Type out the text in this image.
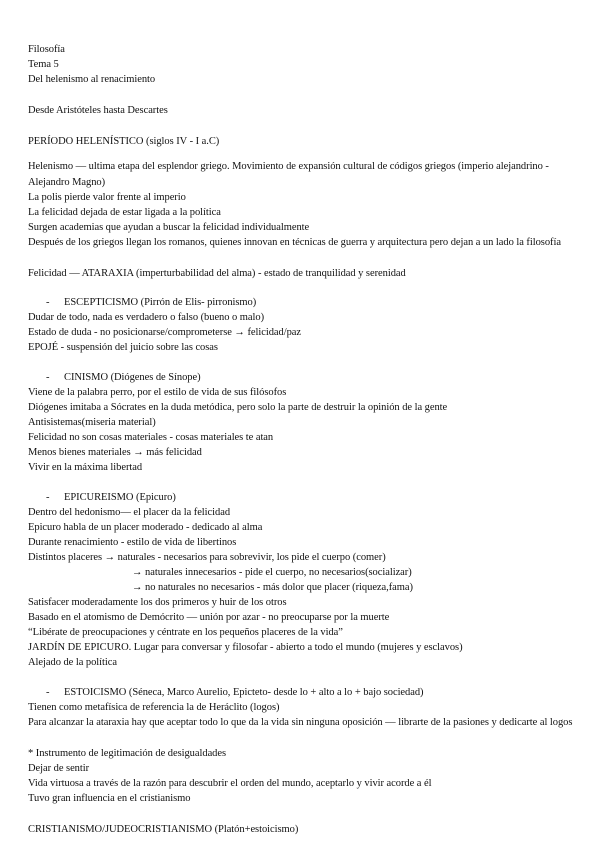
Filosofía
Tema 5
Del helenismo al renacimiento
Desde Aristóteles hasta Descartes
PERÍODO HELENÍSTICO (siglos IV - I a.C)
Helenismo — ultima etapa del esplendor griego. Movimiento de expansión cultural de códigos griegos (imperio alejandrino - Alejandro Magno)
La polis pierde valor frente al imperio
La felicidad dejada de estar ligada a la política
Surgen academias que ayudan a buscar la felicidad individualmente
Después de los griegos llegan los romanos, quienes innovan en técnicas de guerra y arquitectura pero dejan a un lado la filosofía
Felicidad — ATARAXIA (imperturbabilidad del alma) - estado de tranquilidad y serenidad
- ESCEPTICISMO (Pirrón de Elis- pirronismo)
Dudar de todo, nada es verdadero o falso (bueno o malo)
Estado de duda - no posicionarse/comprometerse → felicidad/paz
EPOJÉ - suspensión del juicio sobre las cosas
- CINISMO (Diógenes de Sínope)
Viene de la palabra perro, por el estilo de vida de sus filósofos
Diógenes imitaba a Sócrates en la duda metódica, pero solo la parte de destruir la opinión de la gente
Antisistemas(miseria material)
Felicidad no son cosas materiales - cosas materiales te atan
Menos bienes materiales → más felicidad
Vivir en la máxima libertad
- EPICUREISMO (Epicuro)
Dentro del hedonismo— el placer da la felicidad
Epicuro habla de un placer moderado - dedicado al alma
Durante renacimiento - estilo de vida de libertinos
Distintos placeres → naturales - necesarios para sobrevivir, los pide el cuerpo (comer)
→ naturales innecesarios - pide el cuerpo, no necesarios(socializar)
→ no naturales no necesarios - más dolor que placer (riqueza,fama)
Satisfacer moderadamente los dos primeros y huir de los otros
Basado en el atomismo de Demócrito — unión por azar - no preocuparse por la muerte
“Libérate de preocupaciones y céntrate en los pequeños placeres de la vida”
JARDÍN DE EPICURO. Lugar para conversar y filosofar - abierto a todo el mundo (mujeres y esclavos)
Alejado de la política
- ESTOICISMO (Séneca, Marco Aurelio, Epicteto- desde lo + alto a lo + bajo sociedad)
Tienen como metafísica de referencia la de Heráclito (logos)
Para alcanzar la ataraxia hay que aceptar todo lo que da la vida sin ninguna oposición — librarte de la pasiones y dedicarte al logos
* Instrumento de legitimación de desigualdades
Dejar de sentir
Vida virtuosa a través de la razón para descubrir el orden del mundo, aceptarlo y vivir acorde a él
Tuvo gran influencia en el cristianismo
CRISTIANISMO/JUDEOCRISTIANISMO (Platón+estoicismo)
